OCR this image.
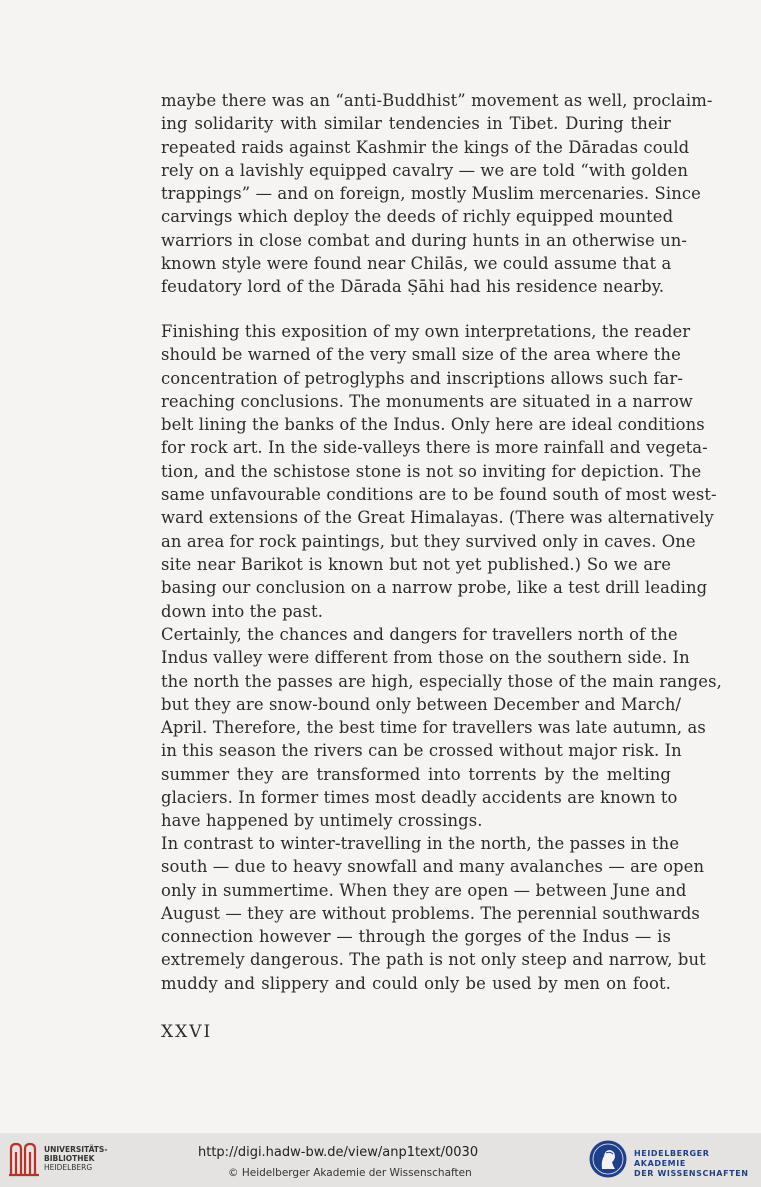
maybe there was an “anti-Buddhist” movement as well, proclaim-
ing solidarity with similar tendencies in Tibet. During their
repeated raids against Kashmir the kings of the Dāradas could
rely on a lavishly equipped cavalry — we are told “with golden
trappings” — and on foreign, mostly Muslim mercenaries. Since
carvings which deploy the deeds of richly equipped mounted
warriors in close combat and during hunts in an otherwise un-
known style were found near Chilās, we could assume that a
feudatory lord of the Dārada Ṣāhi had his residence nearby.
Finishing this exposition of my own interpretations, the reader
should be warned of the very small size of the area where the
concentration of petroglyphs and inscriptions allows such far-
reaching conclusions. The monuments are situated in a narrow
belt lining the banks of the Indus. Only here are ideal conditions
for rock art. In the side-valleys there is more rainfall and vegeta-
tion, and the schistose stone is not so inviting for depiction. The
same unfavourable conditions are to be found south of most west-
ward extensions of the Great Himalayas. (There was alternatively
an area for rock paintings, but they survived only in caves. One
site near Barikot is known but not yet published.) So we are
basing our conclusion on a narrow probe, like a test drill leading
down into the past.
Certainly, the chances and dangers for travellers north of the
Indus valley were different from those on the southern side. In
the north the passes are high, especially those of the main ranges,
but they are snow-bound only between December and March/
April. Therefore, the best time for travellers was late autumn, as
in this season the rivers can be crossed without major risk. In
summer they are transformed into torrents by the melting
glaciers. In former times most deadly accidents are known to
have happened by untimely crossings.
In contrast to winter-travelling in the north, the passes in the
south — due to heavy snowfall and many avalanches — are open
only in summertime. When they are open — between June and
August — they are without problems. The perennial southwards
connection however — through the gorges of the Indus — is
extremely dangerous. The path is not only steep and narrow, but
muddy and slippery and could only be used by men on foot.
XXVI
UNIVERSITÄTS-
BIBLIOTHEK
HEIDELBERG
http://digi.hadw-bw.de/view/anp1text/0030
© Heidelberger Akademie der Wissenschaften
HEIDELBERGER AKADEMIE
DER WISSENSCHAFTEN
